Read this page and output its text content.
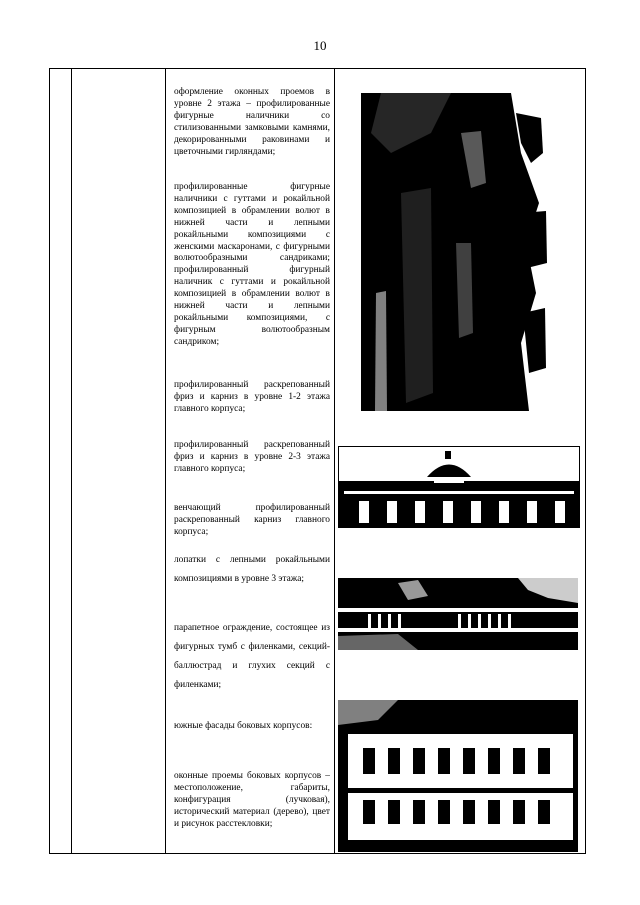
10

оформление оконных проемов в уровне 2 этажа – профилированные фигурные наличники со стилизованными замковыми камнями, декорированными раковинами и цветочными гирляндами;

профилированные фигурные наличники с гуттами и рокайльной композицией в обрамлении волют в нижней части и лепными рокайльными композициями с женскими маскаронами, с фигурными волютообразными сандриками; профилированный фигурный наличник с гуттами и рокайльной композицией в обрамлении волют в нижней части и лепными рокайльными композициями, с фигурным волютообразным сандриком;

профилированный раскрепованный фриз и карниз в уровне 1-2 этажа главного корпуса;

профилированный раскрепованный фриз и карниз в уровне 2-3 этажа главного корпуса;

венчающий профилированный раскрепованный карниз главного корпуса;

лопатки с лепными рокайльными композициями в уровне 3 этажа;

парапетное ограждение, состоящее из фигурных тумб с филенками, секций-баллюстрад и глухих секций с филенками;

южные фасады боковых корпусов:

оконные проемы боковых корпусов – местоположение, габариты, конфигурация (лучковая), исторический материал (дерево), цвет и рисунок расстекловки;
